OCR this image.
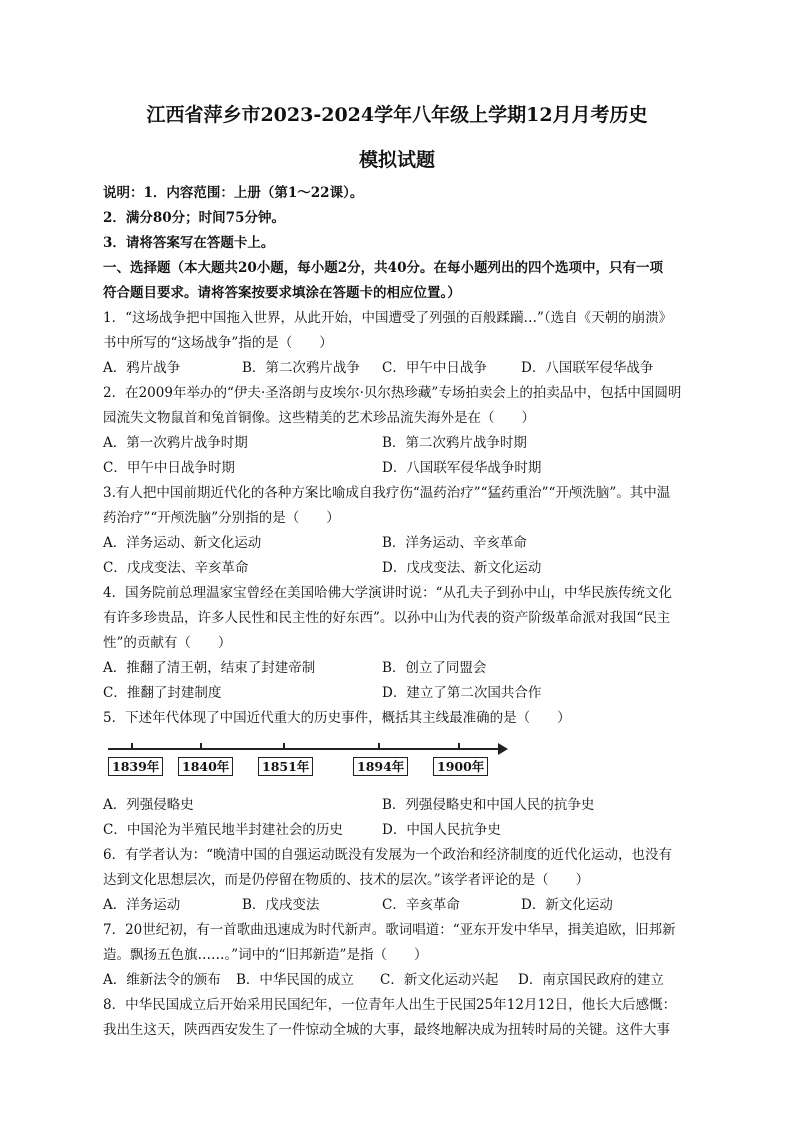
江西省萍乡市2023-2024学年八年级上学期12月月考历史
模拟试题
说明：1．内容范围：上册（第1～22课）。
2．满分80分；时间75分钟。
3．请将答案写在答题卡上。
一、选择题（本大题共20小题，每小题2分，共40分。在每小题列出的四个选项中，只有一项
符合题目要求。请将答案按要求填涂在答题卡的相应位置。）
1．“这场战争把中国拖入世界，从此开始，中国遭受了列强的百般蹂躏…”（选自《天朝的崩溃》
书中所写的“这场战争”指的是（　　）
A．鸦片战争	B．第二次鸦片战争 C．甲午中日战争	D．八国联军侵华战争
2．在2009年举办的“伊夫·圣洛朗与皮埃尔·贝尔热珍藏”专场拍卖会上的拍卖品中，包括中国圆明
园流失文物鼠首和兔首铜像。这些精美的艺术珍品流失海外是在（　　）
A．第一次鸦片战争时期	B．第二次鸦片战争时期
C．甲午中日战争时期	D．八国联军侵华战争时期
3.有人把中国前期近代化的各种方案比喻成自我疗伤“温药治疗”“猛药重治”“开颅洗脑”。其中温
药治疗”“开颅洗脑”分别指的是（　　）
A．洋务运动、新文化运动	B．洋务运动、辛亥革命
C．戊戌变法、辛亥革命	D．戊戌变法、新文化运动
4．国务院前总理温家宝曾经在美国哈佛大学演讲时说：“从孔夫子到孙中山，中华民族传统文化
有许多珍贵品，许多人民性和民主性的好东西”。以孙中山为代表的资产阶级革命派对我国“民主
性”的贡献有（　　）
A．推翻了清王朝，结束了封建帝制	B．创立了同盟会
C．推翻了封建制度	D．建立了第二次国共合作
5．下述年代体现了中国近代重大的历史事件，概括其主线最准确的是（　　）
1839年	1840年	1851年	1894年	1900年
A．列强侵略史	B．列强侵略史和中国人民的抗争史
C．中国沦为半殖民地半封建社会的历史	D．中国人民抗争史
6．有学者认为：“晚清中国的自强运动既没有发展为一个政治和经济制度的近代化运动，也没有
达到文化思想层次，而是仍停留在物质的、技术的层次。”该学者评论的是（　　）
A．洋务运动	B．戊戌变法	C．辛亥革命	D．新文化运动
7．20世纪初，有一首歌曲迅速成为时代新声。歌词唱道：“亚东开发中华早，揖美追欧，旧邦新
造。飘扬五色旗……。”词中的“旧邦新造”是指（　　）
A．维新法令的颁布 B．中华民国的成立 C．新文化运动兴起 D．南京国民政府的建立
8．中华民国成立后开始采用民国纪年，一位青年人出生于民国25年12月12日，他长大后感慨：
我出生这天，陕西西安发生了一件惊动全城的大事，最终地解决成为扭转时局的关键。这件大事
